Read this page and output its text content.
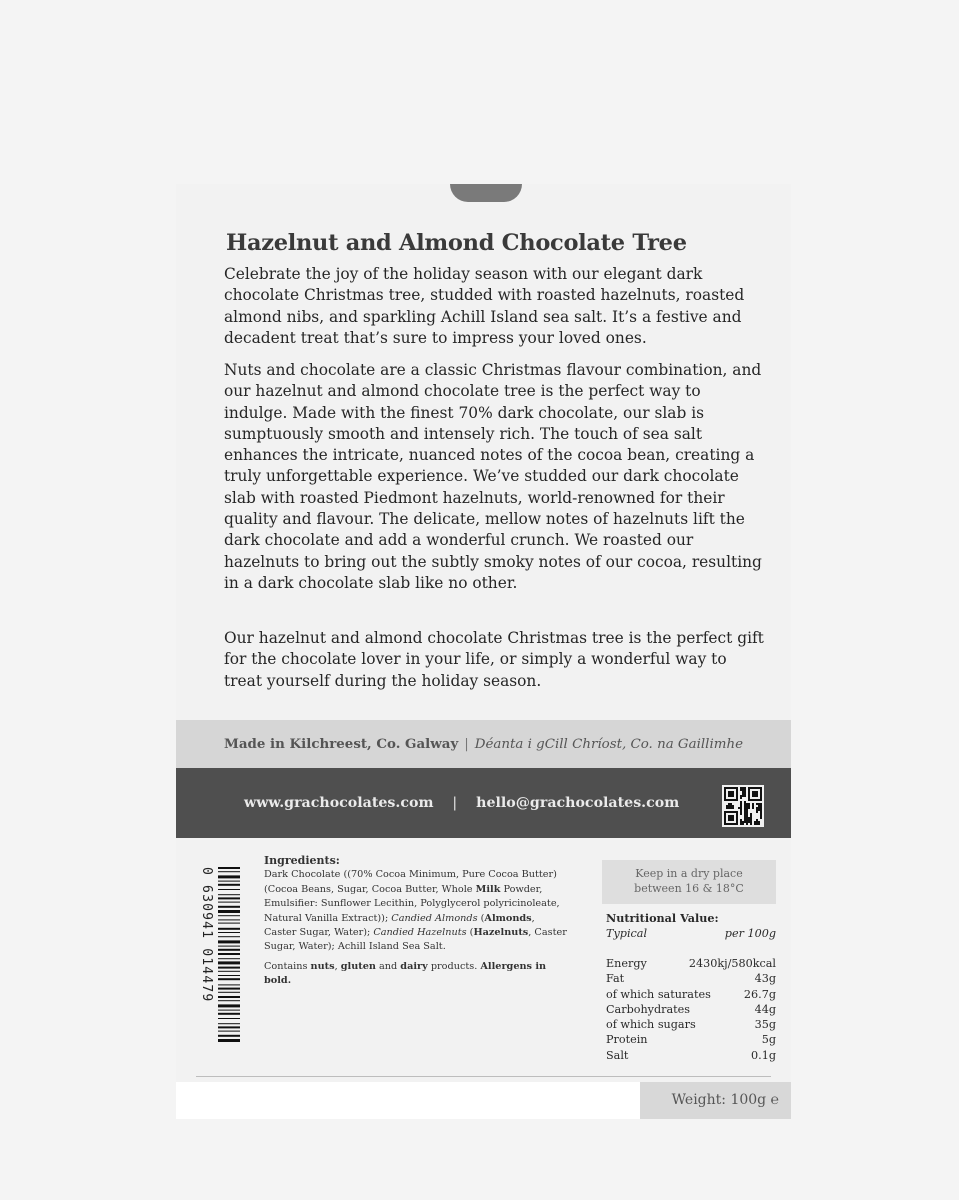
Hazelnut and Almond Chocolate Tree

Celebrate the joy of the holiday season with our elegant dark chocolate Christmas tree, studded with roasted hazelnuts, roasted almond nibs, and sparkling Achill Island sea salt. It’s a festive and decadent treat that’s sure to impress your loved ones.

Nuts and chocolate are a classic Christmas flavour combination, and our hazelnut and almond chocolate tree is the perfect way to indulge. Made with the finest 70% dark chocolate, our slab is sumptuously smooth and intensely rich. The touch of sea salt enhances the intricate, nuanced notes of the cocoa bean, creating a truly unforgettable experience. We’ve studded our dark chocolate slab with roasted Piedmont hazelnuts, world-renowned for their quality and flavour. The delicate, mellow notes of hazelnuts lift the dark chocolate and add a wonderful crunch. We roasted our hazelnuts to bring out the subtly smoky notes of our cocoa, resulting in a dark chocolate slab like no other.

Our hazelnut and almond chocolate Christmas tree is the perfect gift for the chocolate lover in your life, or simply a wonderful way to treat yourself during the holiday season.

Made in Kilchreest, Co. Galway | Déanta i gCill Chríost, Co. na Gaillimhe
www.grachocolates.com | hello@grachocolates.com
0 630941 014479
Ingredients:
Dark Chocolate ((70% Cocoa Minimum, Pure Cocoa Butter) (Cocoa Beans, Sugar, Cocoa Butter, Whole Milk Powder, Emulsifier: Sunflower Lecithin, Polyglycerol polyricinoleate, Natural Vanilla Extract)); Candied Almonds (Almonds, Caster Sugar, Water); Candied Hazelnuts (Hazelnuts, Caster Sugar, Water); Achill Island Sea Salt.
Contains nuts, gluten and dairy products. Allergens in bold.
Keep in a dry place
between 16 & 18°C
Nutritional Value:
Typical	per 100g
Energy	2430kj/580kcal
Fat	43g
of which saturates	26.7g
Carbohydrates	44g
of which sugars	35g
Protein	5g
Salt	0.1g
Weight: 100g ℮
